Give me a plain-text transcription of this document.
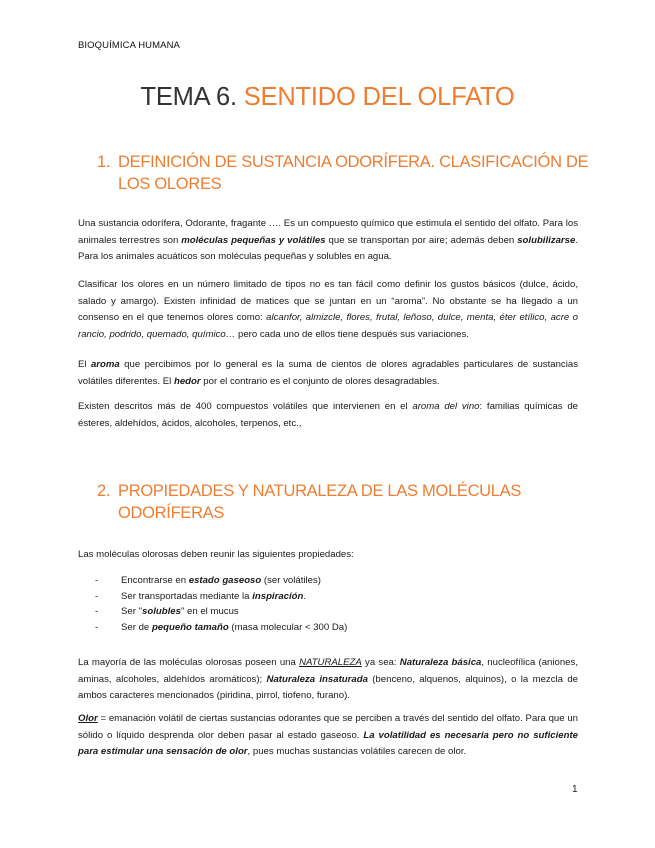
BIOQUÍMICA HUMANA
TEMA 6. SENTIDO DEL OLFATO
1. DEFINICIÓN DE SUSTANCIA ODORÍFERA. CLASIFICACIÓN DE
LOS OLORES
Una sustancia odorífera, Odorante, fragante …. Es un compuesto químico que estimula el sentido del olfato. Para los animales terrestres son moléculas pequeñas y volátiles que se transportan por aire; además deben solubilizarse. Para los animales acuáticos son moléculas pequeñas y solubles en agua.
Clasificar los olores en un número limitado de tipos no es tan fácil como definir los gustos básicos (dulce, ácido, salado y amargo). Existen infinidad de matices que se juntan en un “aroma”. No obstante se ha llegado a un consenso en el que tenemos olores como: alcanfor, almizcle, flores, frutal, leñoso, dulce, menta, éter etílico, acre o rancio, podrido, quemado, químico… pero cada uno de ellos tiene después sus variaciones.
El aroma que percibimos por lo general es la suma de cientos de olores agradables particulares de sustancias volátiles diferentes. El hedor por el contrario es el conjunto de olores desagradables.
Existen descritos más de 400 compuestos volátiles que intervienen en el aroma del vino: familias químicas de ésteres, aldehídos, ácidos, alcoholes, terpenos, etc.,
2. PROPIEDADES Y NATURALEZA DE LAS MOLÉCULAS
ODORÍFERAS
Las moléculas olorosas deben reunir las siguientes propiedades:
-	Encontrarse en estado gaseoso (ser volátiles)
-	Ser transportadas mediante la inspiración.
-	Ser "solubles" en el mucus
-	Ser de pequeño tamaño (masa molecular < 300 Da)
La mayoría de las moléculas olorosas poseen una NATURALEZA ya sea: Naturaleza básica, nucleofílica (aniones, aminas, alcoholes, aldehídos aromáticos); Naturaleza insaturada (benceno, alquenos, alquinos), o la mezcla de ambos caracteres mencionados (piridina, pirrol, tiofeno, furano).
Olor = emanación volátil de ciertas sustancias odorantes que se perciben a través del sentido del olfato. Para que un sólido o líquido desprenda olor deben pasar al estado gaseoso. La volatilidad es necesaria pero no suficiente para estimular una sensación de olor, pues muchas sustancias volátiles carecen de olor.
1
